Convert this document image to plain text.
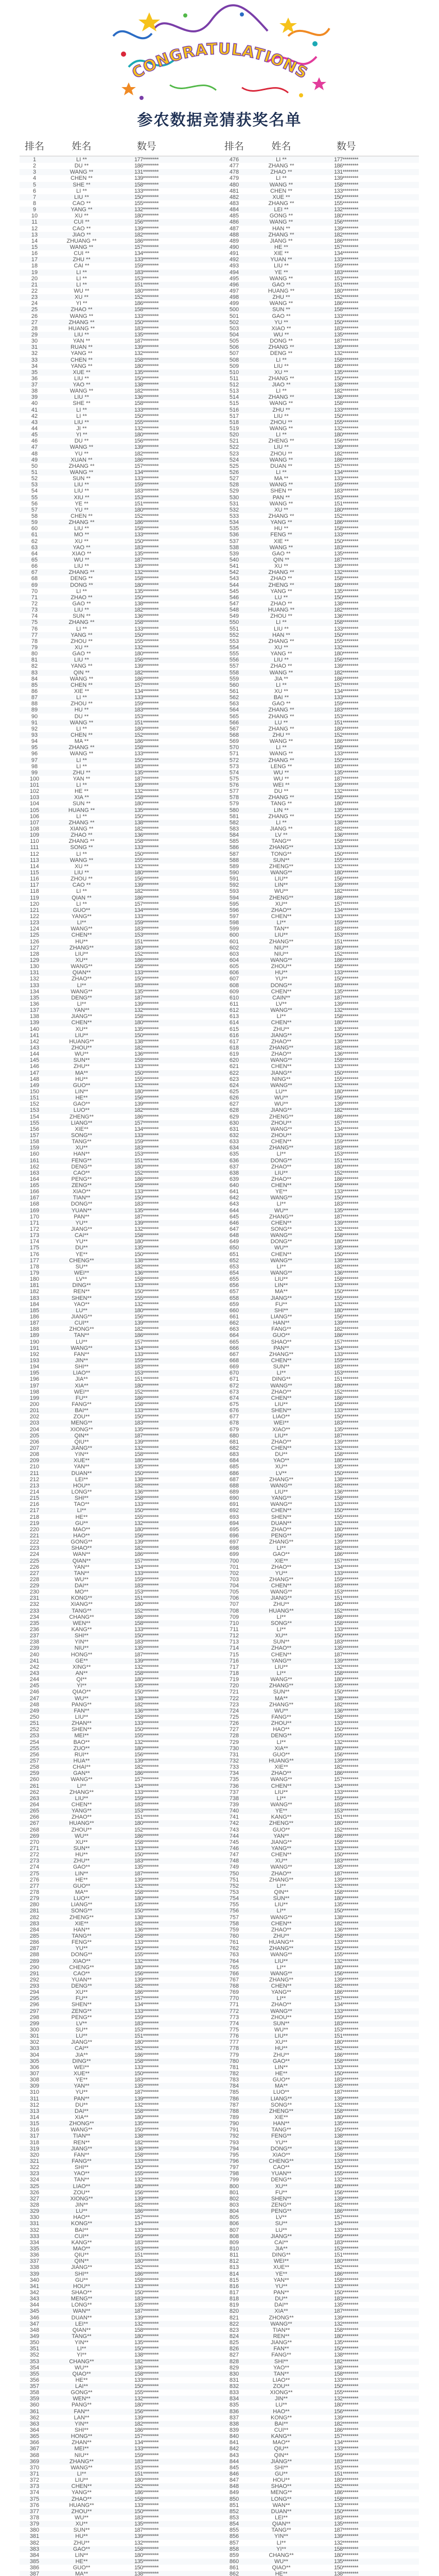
CONGRATULATIONS
参农数据竞猜获奖名单
排名	姓名	数号	排名	姓名	数号
1	LI **	177********	476	LI **	177********
2	DU **	186********	477	ZHANG **	186********
3	WANG **	131********	478	ZHAO **	131********
4	CHEN **	139********	479	LI **	139********
5	SHE **	158********	480	WANG **	158********
6	LI **	133********	481	CHEN **	133********
7	LIU **	150********	482	XUE **	150********
8	CAO **	155********	483	ZHANG **	155********
9	YANG **	132********	484	LEI **	132********
10	XU **	180********	485	GONG **	180********
11	CUI **	156********	486	WANG **	156********
12	CAO **	139********	487	HAN **	139********
13	JIAO **	182********	488	ZHANG **	182********
14	ZHUANG **	186********	489	JIANG **	186********
15	WANG **	157********	490	HE **	157********
16	CUI **	134********	491	XIE **	134********
17	ZHU **	133********	492	YUAN **	133********
18	CAI **	159********	493	LIU **	159********
19	LI **	183********	494	YE **	183********
20	LI **	153********	495	WANG **	153********
21	LI **	151********	496	GAO **	151********
22	WU **	180********	497	HUANG **	180********
23	XU **	152********	498	ZHU **	152********
24	YI **	186********	499	WANG **	186********
25	ZHAO **	158********	500	SUN **	158********
26	WANG **	133********	501	GAO **	133********
27	ZHANG **	150********	502	YU **	150********
28	HUANG **	183********	503	XIAO **	183********
29	LIU **	135********	504	WU **	135********
30	YAN **	187********	505	DONG **	187********
31	RUAN **	139********	506	ZHANG **	139********
32	YANG **	132********	507	DENG **	132********
33	CHEN **	158********	508	LI **	158********
34	YANG **	180********	509	LIU **	180********
35	XUE **	135********	510	XU **	135********
36	LIU **	150********	511	ZHANG **	150********
37	YAO **	138********	512	JIAO **	138********
38	WANG **	182********	513	LI **	182********
39	LIU **	136********	514	ZHANG **	136********
40	SHE **	158********	515	WANG **	158********
41	LI **	133********	516	ZHU **	133********
42	LI **	150********	517	LIU **	150********
43	LIU **	155********	518	ZHOU **	155********
44	JI **	132********	519	WANG **	132********
45	YI **	180********	520	LI **	180********
46	DU **	156********	521	ZHENG **	156********
47	WANG **	139********	522	LIU **	139********
48	YU **	182********	523	ZHOU **	182********
49	XUAN **	186********	524	WANG **	186********
50	ZHANG **	157********	525	DUAN **	157********
51	WANG **	134********	526	LI **	134********
52	SUN **	133********	527	MA **	133********
53	LIU **	159********	528	WANG **	159********
54	LIU **	183********	529	SHEN **	183********
55	XIU **	153********	530	PAN **	153********
56	YE **	151********	531	WANG **	151********
57	YU **	180********	532	XU **	180********
58	CHEN **	152********	533	ZHANG **	152********
59	ZHANG **	186********	534	YANG **	186********
60	LIU **	158********	535	HU **	158********
61	MO **	133********	536	FENG **	133********
62	XU **	150********	537	XIE **	150********
63	YAO **	183********	538	WANG **	183********
64	XIAO **	135********	539	GAO **	135********
65	WU **	187********	540	QIN **	187********
66	LIU **	139********	541	XU **	139********
67	ZHANG **	132********	542	ZHANG **	132********
68	DENG **	158********	543	ZHAO **	158********
69	DONG **	180********	544	ZHENG **	180********
70	LI **	135********	545	YANG **	135********
71	ZHAO **	150********	546	LU **	150********
72	GAO **	138********	547	ZHAO **	138********
73	LIU **	182********	548	HUANG **	182********
74	SUN **	136********	549	ZHOU **	136********
75	ZHANG **	158********	550	LI **	158********
76	LI **	133********	551	LIU **	133********
77	YANG **	150********	552	HAN **	150********
78	ZHOU **	155********	553	ZHANG **	155********
79	XU **	132********	554	XU **	132********
80	GAO **	180********	555	YANG **	180********
81	LIU **	156********	556	LIU **	156********
82	YANG **	139********	557	ZHAO **	139********
83	QIN **	182********	558	WANG **	182********
84	WANG **	186********	559	JIA **	186********
85	CHEN **	157********	560	LI **	157********
86	XIE **	134********	561	XU **	134********
87	LI **	133********	562	BAI **	133********
88	ZHOU **	159********	563	GAO **	159********
89	HU **	183********	564	ZHANG **	183********
90	DU **	153********	565	ZHANG **	153********
91	WANG **	151********	566	LU **	151********
92	LI **	180********	567	ZHANG **	180********
93	CHEN **	152********	568	ZHU **	152********
94	MA **	186********	569	WANG **	186********
95	ZHANG **	158********	570	LI **	158********
96	WANG **	133********	571	WANG **	133********
97	LI **	150********	572	ZHANG **	150********
98	LI **	183********	573	LENG **	183********
99	ZHU **	135********	574	WU **	135********
100	YAN **	187********	575	WU **	187********
101	LI **	139********	576	WEI **	139********
102	HE **	132********	577	DU **	132********
103	XIA **	158********	578	ZHANG **	158********
104	SUN **	180********	579	TANG **	180********
105	HUANG **	135********	580	LIN **	135********
106	LI **	150********	581	ZHANG **	150********
107	ZHANG **	138********	582	LI **	138********
108	XIANG **	182********	583	JIANG **	182********
109	ZHAO **	136********	584	LV **	136********
110	ZHANG **	158********	585	TANG**	158********
111	SONG **	133********	586	ZHANG**	133********
112	LI **	150********	587	TONG**	150********
113	WANG **	155********	588	SUN**	155********
114	XU **	132********	589	ZHENG**	132********
115	LIU **	180********	590	WANG**	180********
116	ZHOU **	156********	591	LIU**	156********
117	CAO **	139********	592	LIN**	139********
118	LI **	182********	593	WU**	182********
119	QIAN **	186********	594	ZHENG**	186********
120	LI **	157********	595	XU**	157********
121	GUO**	134********	596	ZHAO**	134********
122	YANG**	133********	597	CHEN**	133********
123	LI**	159********	598	LI**	159********
124	WANG**	183********	599	TAN**	183********
125	CHEN**	153********	600	LIU**	153********
126	HU**	151********	601	ZHANG**	151********
127	ZHANG**	180********	602	NIU**	180********
128	LIU**	152********	603	NIU**	152********
129	XU**	186********	604	WANG**	186********
130	WANG**	158********	605	ZHOU**	158********
131	QIAN**	133********	606	HU**	133********
132	ZHAO**	150********	607	YU**	150********
133	LI**	183********	608	DONG**	183********
134	WANG**	135********	609	CHEN**	135********
135	DENG**	187********	610	CAIN**	187********
136	LI**	139********	611	LV**	139********
137	YAN**	132********	612	WANG**	132********
138	JIANG**	158********	613	LI**	158********
139	CHEN**	180********	614	CHEN**	180********
140	XU**	135********	615	ZHU**	135********
141	LIU**	150********	616	JIANG**	150********
142	HUANG**	138********	617	ZHAO**	138********
143	ZHOU**	182********	618	ZHANG**	182********
144	WU**	136********	619	ZHAO**	136********
145	SUN**	158********	620	WANG**	158********
146	ZHU**	133********	621	CHEN**	133********
147	MA**	150********	622	JIANG**	150********
148	HU**	155********	623	NING**	155********
149	GUO**	132********	624	WANG**	132********
150	LIN**	180********	625	LU**	180********
151	HE**	156********	626	WU**	156********
152	GAO**	139********	627	WU**	139********
153	LUO**	182********	628	JIANG**	182********
154	ZHENG**	186********	629	ZHENG**	186********
155	LIANG**	157********	630	ZHOU**	157********
156	XIE**	134********	631	WANG**	134********
157	SONG**	133********	632	ZHOU**	133********
158	TANG**	159********	633	CHEN**	159********
159	XU**	183********	634	ZHANG**	183********
160	HAN**	153********	635	LI**	153********
161	FENG**	151********	636	DONG**	151********
162	DENG**	180********	637	ZHAO**	180********
163	CAO**	152********	638	LIU**	152********
164	PENG**	186********	639	ZHAO**	186********
165	ZENG**	158********	640	CHEN**	158********
166	XIAO**	133********	641	YE**	133********
167	TIAN**	150********	642	WANG**	150********
168	DONG**	183********	643	LI**	183********
169	YUAN**	135********	644	WU**	135********
170	PAN**	187********	645	ZHANG**	187********
171	YU**	139********	646	CHEN**	139********
172	JIANG**	132********	647	SONG**	132********
173	CAI**	158********	648	WANG**	158********
174	YU**	180********	649	DONG**	180********
175	DU**	135********	650	WU**	135********
176	YE**	150********	651	CHEN**	150********
177	CHENG**	138********	652	WANG**	138********
178	SU**	182********	653	LI**	182********
179	WEI**	136********	654	WANG**	136********
180	LV**	158********	655	LIU**	158********
181	DING**	133********	656	LIN**	133********
182	REN**	150********	657	MA**	150********
183	SHEN**	155********	658	JIANG**	155********
184	YAO**	132********	659	FU**	132********
185	LU**	180********	660	SHI**	180********
186	JIANG**	156********	661	LIANG**	156********
187	CUI**	139********	662	HAN**	139********
188	ZHONG**	182********	663	FANG**	182********
189	TAN**	186********	664	GUO**	186********
190	LU**	157********	665	SHAO**	157********
191	WANG**	134********	666	PAN**	134********
192	FAN**	133********	667	ZHANG**	133********
193	JIN**	159********	668	CHEN**	159********
194	SHI**	183********	669	SUN**	183********
195	LIAO**	153********	670	LI**	153********
196	JIA**	151********	671	DING**	151********
197	XIA**	180********	672	WANG**	180********
198	WEI**	152********	673	ZHAO**	152********
199	FU**	186********	674	CHEN**	186********
200	FANG**	158********	675	LIU**	158********
201	BAI**	133********	676	SHEN**	133********
202	ZOU**	150********	677	LIAO**	150********
203	MENG**	183********	678	WEI**	183********
204	XIONG**	135********	679	XIAO**	135********
205	QIN**	187********	680	LIU**	187********
206	QIU**	139********	681	ZHAO**	139********
207	JIANG**	132********	682	CHEN**	132********
208	YIN**	158********	683	DU**	158********
209	XUE**	180********	684	YAO**	180********
210	YAN**	135********	685	XU**	135********
211	DUAN**	150********	686	LV**	150********
212	LEI**	138********	687	ZHANG**	138********
213	HOU**	182********	688	WANG**	182********
214	LONG**	136********	689	LIU**	136********
215	SHI**	158********	690	YANG**	158********
216	TAO**	133********	691	WANG**	133********
217	LI**	150********	692	CHEN**	150********
218	HE**	155********	693	SHEN**	155********
219	GU**	132********	694	DUAN**	132********
220	MAO**	180********	695	ZHAO**	180********
221	HAO**	156********	696	PENG**	156********
222	GONG**	139********	697	ZHANG**	139********
223	SHAO**	182********	698	LI**	182********
224	WAN**	186********	699	GAO**	186********
225	QIAN**	157********	700	XIE**	157********
226	YAN**	134********	701	ZHAO**	134********
227	TAN**	133********	702	YU**	133********
228	WU**	159********	703	ZHANG**	159********
229	DAI**	183********	704	CHEN**	183********
230	MO**	153********	705	WANG**	153********
231	KONG**	151********	706	JIANG**	151********
232	XIANG**	180********	707	ZHU**	180********
233	TANG**	152********	708	HUANG**	152********
234	CHANG**	186********	709	LI**	186********
235	WEN**	158********	710	SONG**	158********
236	KANG**	133********	711	LI**	133********
237	SHI**	150********	712	XU**	150********
238	YIN**	183********	713	SUN**	183********
239	NIU**	135********	714	ZHAO**	135********
240	HONG**	187********	715	CHEN**	187********
241	GE**	139********	716	YANG**	139********
242	XING**	132********	717	LIU**	132********
243	AN**	158********	718	LI**	158********
244	QI**	180********	719	WANG**	180********
245	YI**	135********	720	ZHANG**	135********
246	QIAO**	150********	721	SUN**	150********
247	WU**	138********	722	MA**	138********
248	PANG**	182********	723	ZHANG**	182********
249	FAN**	136********	724	WU**	136********
250	LIU**	158********	725	FANG**	158********
251	ZHAN**	133********	726	ZHOU**	133********
252	SHEN**	150********	727	HAO**	150********
253	MEI**	155********	728	DENG**	155********
254	BAO**	132********	729	LI**	132********
255	ZUO**	180********	730	XIA**	180********
256	RUI**	156********	731	GUO**	156********
257	HUA**	139********	732	HUANG**	139********
258	CHAI**	182********	733	XIE**	182********
259	GAN**	186********	734	ZHAO**	186********
260	WANG**	157********	735	WANG**	157********
261	LI**	134********	736	CHEN**	134********
262	ZHANG**	133********	737	LIU**	133********
263	LIU**	159********	738	LI**	159********
264	CHEN**	183********	739	WANG**	183********
265	YANG**	153********	740	YE**	153********
266	ZHAO**	151********	741	KANG**	151********
267	HUANG**	180********	742	ZHENG**	180********
268	ZHOU**	152********	743	GUO**	152********
269	WU**	186********	744	YAN**	186********
270	XU**	158********	745	JIANG**	158********
271	SUN**	133********	746	YANG**	133********
272	HU**	150********	747	CHEN**	150********
273	ZHU**	183********	748	XU**	183********
274	GAO**	135********	749	WANG**	135********
275	LIN**	187********	750	ZHAO**	187********
276	HE**	139********	751	ZHANG**	139********
277	GUO**	132********	752	LI**	132********
278	MA**	158********	753	QIN**	158********
279	LUO**	180********	754	SUN**	180********
280	LIANG**	135********	755	LIU**	135********
281	SONG**	150********	756	LI**	150********
282	ZHENG**	138********	757	WANG**	138********
283	XIE**	182********	758	CHEN**	182********
284	HAN**	136********	759	ZHAO**	136********
285	TANG**	158********	760	ZHU**	158********
286	FENG**	133********	761	HUANG**	133********
287	YU**	150********	762	ZHANG**	150********
288	DONG**	155********	763	WANG**	155********
289	XIAO**	132********	764	LIU**	132********
290	CHENG**	180********	765	LI**	180********
291	CAO**	156********	766	WANG**	156********
292	YUAN**	139********	767	ZHANG**	139********
293	DENG**	182********	768	CHEN**	182********
294	XU**	186********	769	YANG**	186********
295	FU**	157********	770	LI**	157********
296	SHEN**	134********	771	ZHAO**	134********
297	ZENG**	133********	772	WANG**	133********
298	PENG**	159********	773	ZHOU**	159********
299	LV**	183********	774	SUN**	183********
300	SU**	153********	775	WU**	153********
301	LU**	151********	776	LIU**	151********
302	JIANG**	180********	777	XU**	180********
303	CAI**	152********	778	HU**	152********
304	JIA**	186********	779	ZHU**	186********
305	DING**	158********	780	GAO**	158********
306	WEI**	133********	781	LIN**	133********
307	XUE**	150********	782	HE**	150********
308	YE**	183********	783	GUO**	183********
309	YAN**	135********	784	MA**	135********
310	YU**	187********	785	LUO**	187********
311	PAN**	139********	786	LIANG**	139********
312	DU**	132********	787	SONG**	132********
313	DAI**	158********	788	ZHENG**	158********
314	XIA**	180********	789	XIE**	180********
315	ZHONG**	135********	790	HAN**	135********
316	WANG**	150********	791	TANG**	150********
317	TIAN**	138********	792	FENG**	138********
318	REN**	182********	793	YU**	182********
319	JIANG**	136********	794	DONG**	136********
320	FAN**	158********	795	XIAO**	158********
321	FANG**	133********	796	CHENG**	133********
322	SHI**	150********	797	CAO**	150********
323	YAO**	155********	798	YUAN**	155********
324	TAN**	132********	799	DENG**	132********
325	LIAO**	180********	800	XU**	180********
326	ZOU**	156********	801	FU**	156********
327	XIONG**	139********	802	SHEN**	139********
328	JIN**	182********	803	ZENG**	182********
329	LU**	186********	804	PENG**	186********
330	HAO**	157********	805	LV**	157********
331	KONG**	134********	806	SU**	134********
332	BAI**	133********	807	LU**	133********
333	CUI**	159********	808	JIANG**	159********
334	KANG**	183********	809	CAI**	183********
335	MAO**	153********	810	JIA**	153********
336	QIU**	151********	811	DING**	151********
337	QIN**	180********	812	WEI**	180********
338	JIANG**	152********	813	XUE**	152********
339	SHI**	186********	814	YE**	186********
340	GU**	158********	815	YAN**	158********
341	HOU**	133********	816	YU**	133********
342	SHAO**	150********	817	PAN**	150********
343	MENG**	183********	818	DU**	183********
344	LONG**	135********	819	DAI**	135********
345	WAN**	187********	820	XIA**	187********
346	DUAN**	139********	821	ZHONG**	139********
347	LEI**	132********	822	WANG**	132********
348	QIAN**	158********	823	TIAN**	158********
349	TANG**	180********	824	REN**	180********
350	YIN**	135********	825	JIANG**	135********
351	LI**	150********	826	FAN**	150********
352	YI**	138********	827	FANG**	138********
353	CHANG**	182********	828	SHI**	182********
354	WU**	136********	829	YAO**	136********
355	QIAO**	158********	830	TAN**	158********
356	HE**	133********	831	LIAO**	133********
357	LAI**	150********	832	ZOU**	150********
358	GONG**	155********	833	XIONG**	155********
359	WEN**	132********	834	JIN**	132********
360	PANG**	180********	835	LU**	180********
361	FAN**	156********	836	HAO**	156********
362	LAN**	139********	837	KONG**	139********
363	YIN**	182********	838	BAI**	182********
364	SHI**	186********	839	CUI**	186********
365	HONG**	157********	840	KANG**	157********
366	ZHAN**	134********	841	MAO**	134********
367	MEI**	133********	842	QIU**	133********
368	NIU**	159********	843	QIN**	159********
369	ZHANG**	183********	844	JIANG**	183********
370	WANG**	153********	845	SHI**	153********
371	LI**	151********	846	GU**	151********
372	LIU**	180********	847	HOU**	180********
373	CHEN**	152********	848	SHAO**	152********
374	YANG**	186********	849	MENG**	186********
375	ZHAO**	158********	850	LONG**	158********
376	HUANG**	133********	851	WAN**	133********
377	ZHOU**	150********	852	DUAN**	150********
378	WU**	183********	853	LEI**	183********
379	XU**	135********	854	QIAN**	135********
380	SUN**	187********	855	TANG**	187********
381	HU**	139********	856	YIN**	139********
382	ZHU**	132********	857	LI**	132********
383	GAO**	158********	858	YI**	158********
384	LIN**	180********	859	CHANG**	180********
385	HE**	135********	860	WU**	135********
386	GUO**	150********	861	QIAO**	150********
387	MA**	138********	862	HE**	138********
